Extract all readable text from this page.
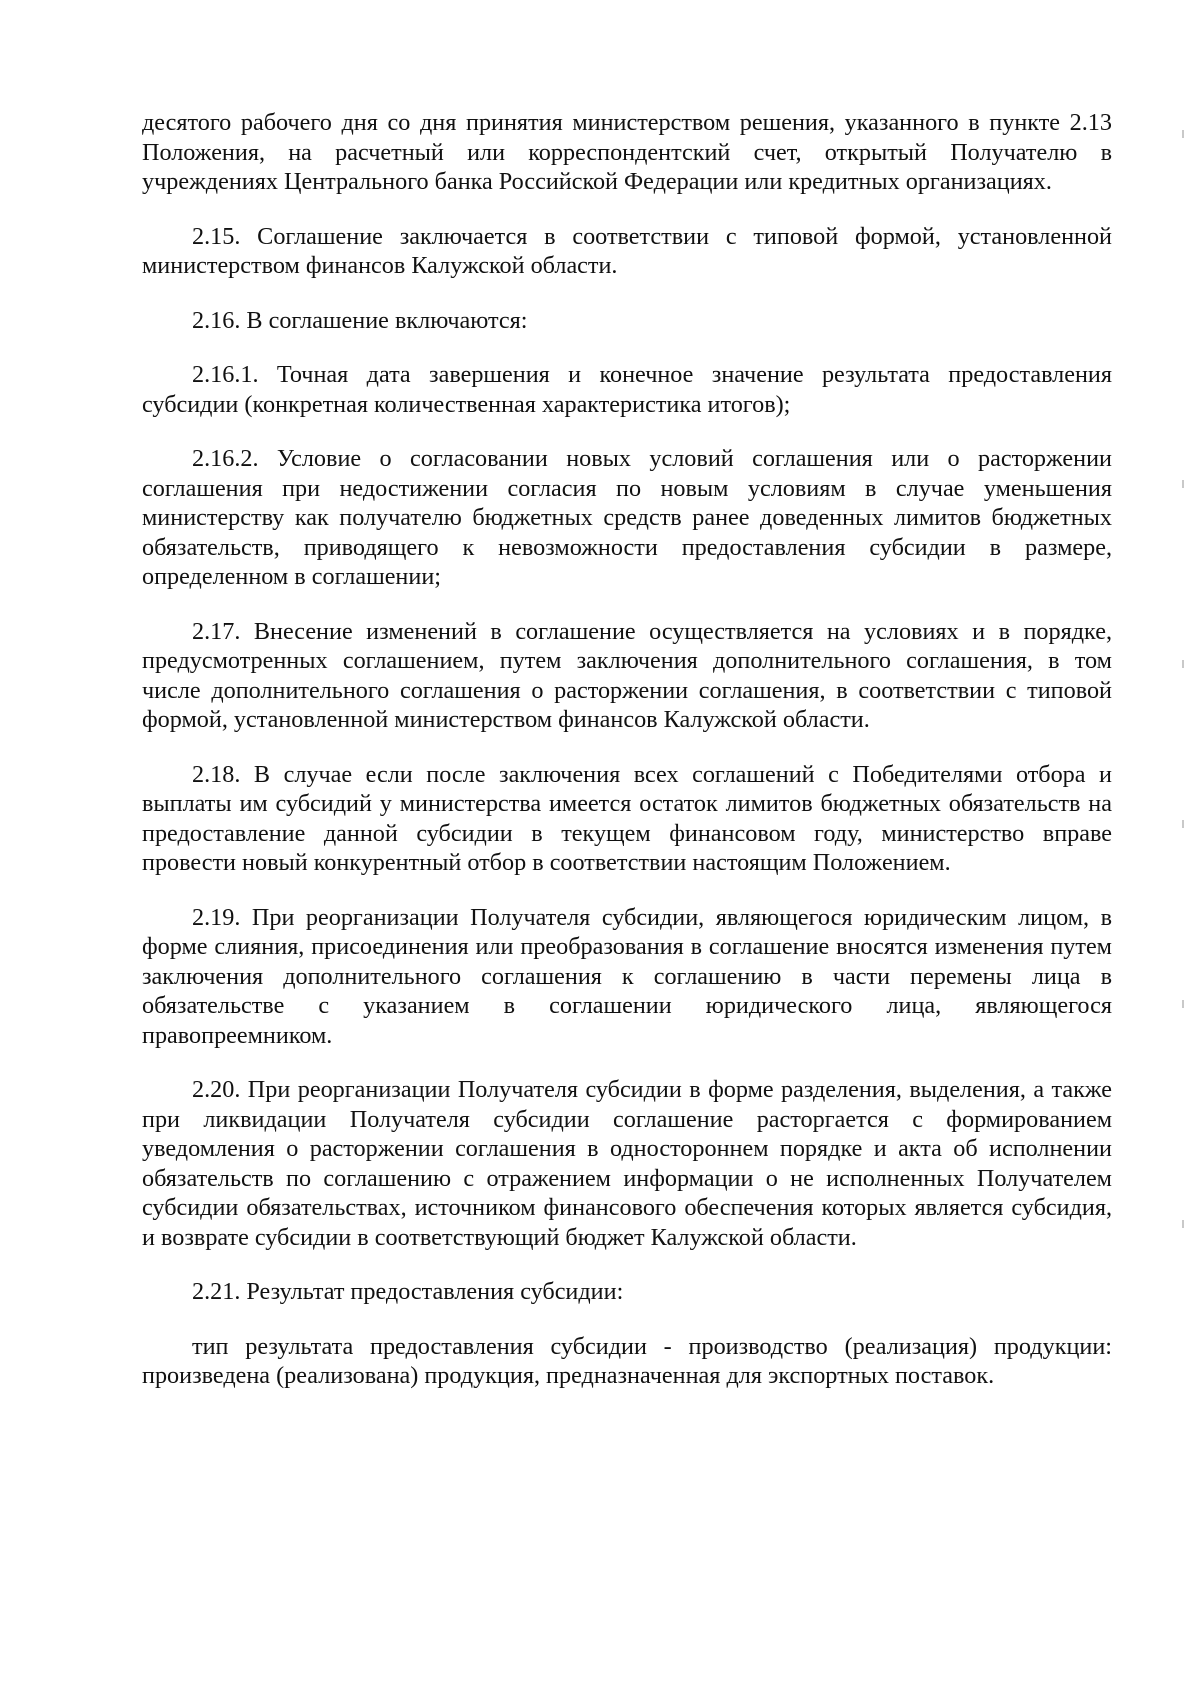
десятого рабочего дня со дня принятия министерством решения, указанного в пункте 2.13 Положения, на расчетный или корреспондентский счет, открытый Получателю в учреждениях Центрального банка Российской Федерации или кредитных организациях.

2.15. Соглашение заключается в соответствии с типовой формой, установленной министерством финансов Калужской области.

2.16. В соглашение включаются:

2.16.1. Точная дата завершения и конечное значение результата предоставления субсидии (конкретная количественная характеристика итогов);

2.16.2. Условие о согласовании новых условий соглашения или о расторжении соглашения при недостижении согласия по новым условиям в случае уменьшения министерству как получателю бюджетных средств ранее доведенных лимитов бюджетных обязательств, приводящего к невозможности предоставления субсидии в размере, определенном в соглашении;

2.17. Внесение изменений в соглашение осуществляется на условиях и в порядке, предусмотренных соглашением, путем заключения дополнительного соглашения, в том числе дополнительного соглашения о расторжении соглашения, в соответствии с типовой формой, установленной министерством финансов Калужской области.

2.18. В случае если после заключения всех соглашений с Победителями отбора и выплаты им субсидий у министерства имеется остаток лимитов бюджетных обязательств на предоставление данной субсидии в текущем финансовом году, министерство вправе провести новый конкурентный отбор в соответствии настоящим Положением.

2.19. При реорганизации Получателя субсидии, являющегося юридическим лицом, в форме слияния, присоединения или преобразования в соглашение вносятся изменения путем заключения дополнительного соглашения к соглашению в части перемены лица в обязательстве с указанием в соглашении юридического лица, являющегося правопреемником.

2.20. При реорганизации Получателя субсидии в форме разделения, выделения, а также при ликвидации Получателя субсидии соглашение расторгается с формированием уведомления о расторжении соглашения в одностороннем порядке и акта об исполнении обязательств по соглашению с отражением информации о не исполненных Получателем субсидии обязательствах, источником финансового обеспечения которых является субсидия, и возврате субсидии в соответствующий бюджет Калужской области.

2.21. Результат предоставления субсидии:

тип результата предоставления субсидии - производство (реализация) продукции: произведена (реализована) продукция, предназначенная для экспортных поставок.
